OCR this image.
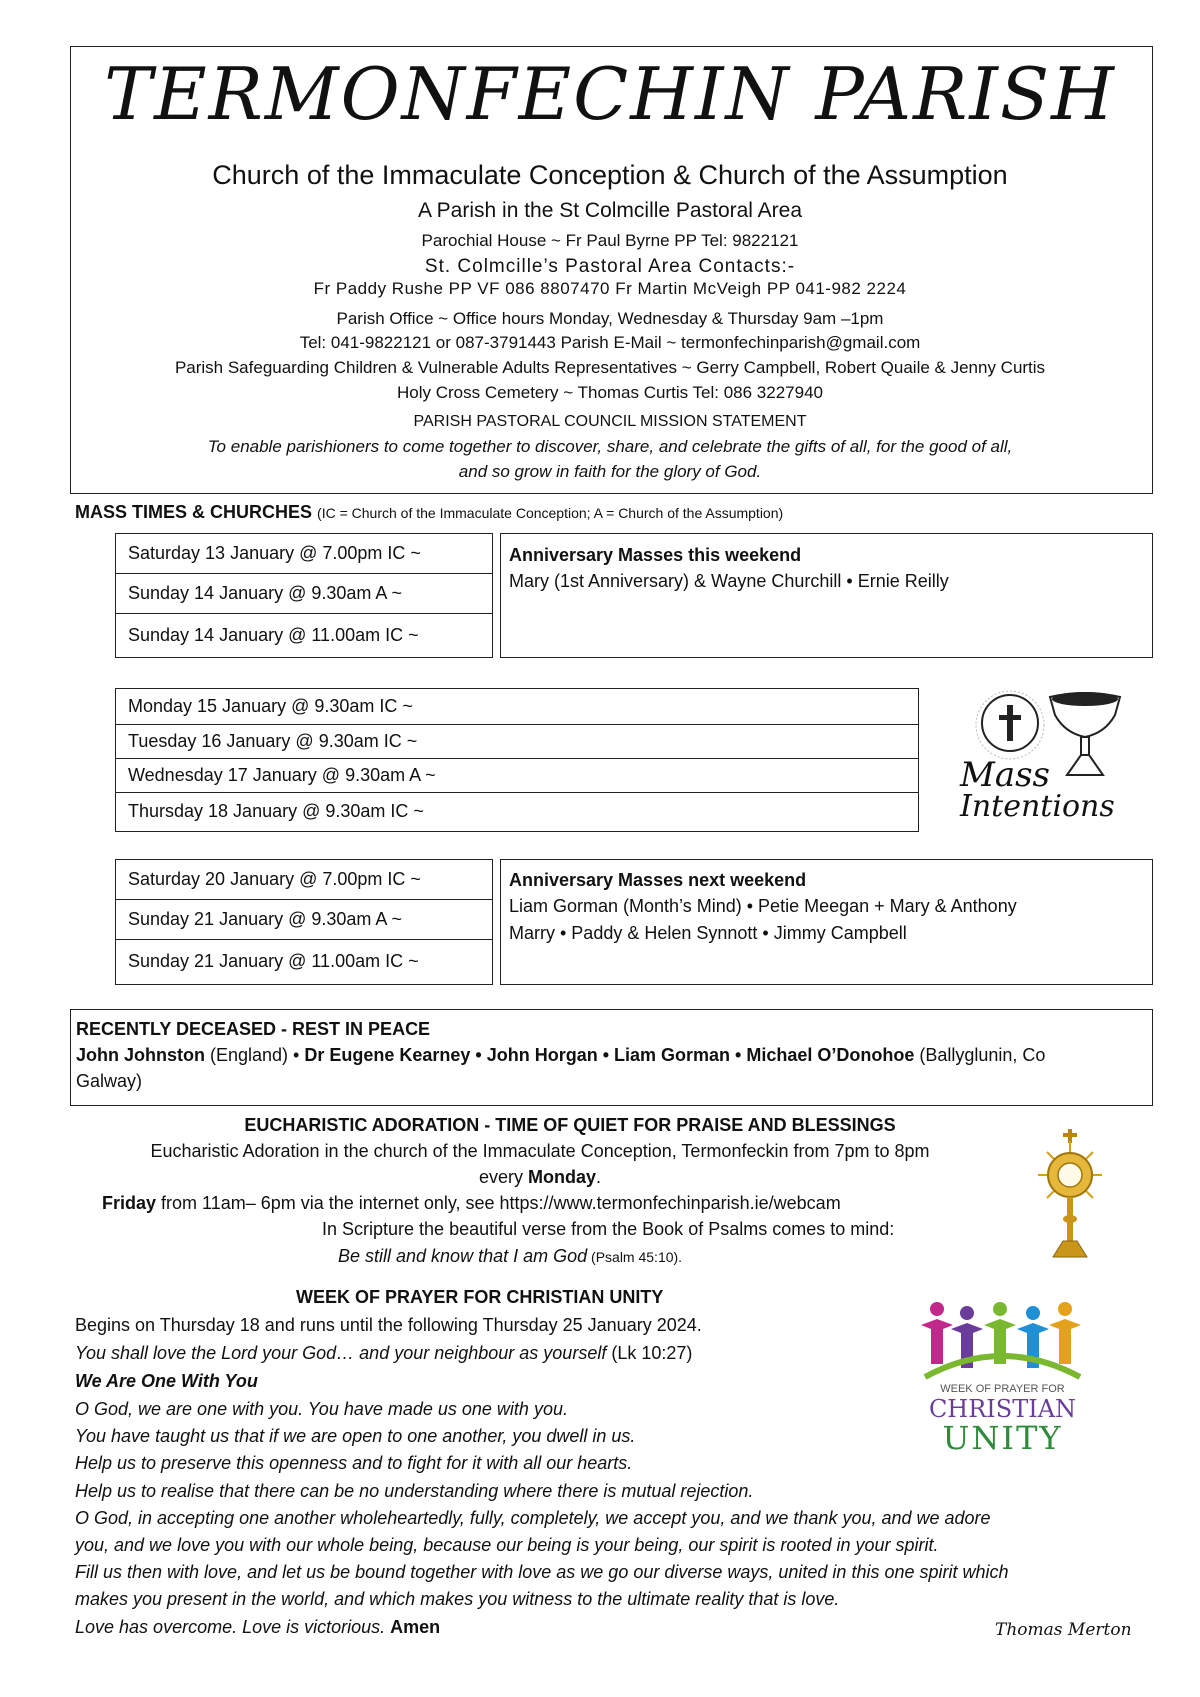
TERMONFECHIN PARISH
Church of the Immaculate Conception & Church of the Assumption
A Parish in the St Colmcille Pastoral Area
Parochial House ~ Fr Paul Byrne PP Tel: 9822121
St. Colmcille’s Pastoral Area Contacts:-
Fr Paddy Rushe PP VF 086 8807470 Fr Martin McVeigh PP 041-982 2224
Parish Office ~ Office hours Monday, Wednesday & Thursday 9am –1pm
Tel: 041-9822121 or 087-3791443 Parish E-Mail ~ termonfechinparish@gmail.com
Parish Safeguarding Children & Vulnerable Adults Representatives ~ Gerry Campbell, Robert Quaile & Jenny Curtis
Holy Cross Cemetery ~ Thomas Curtis Tel: 086 3227940
PARISH PASTORAL COUNCIL MISSION STATEMENT
To enable parishioners to come together to discover, share, and celebrate the gifts of all, for the good of all,
and so grow in faith for the glory of God.
MASS TIMES & CHURCHES (IC = Church of the Immaculate Conception; A = Church of the Assumption)
Saturday 13 January @ 7.00pm IC ~
Sunday 14 January @ 9.30am A ~
Sunday 14 January @ 11.00am IC ~
Anniversary Masses this weekend
Mary (1st Anniversary) & Wayne Churchill • Ernie Reilly
Monday 15 January @ 9.30am IC ~
Tuesday 16 January @ 9.30am IC ~
Wednesday 17 January @ 9.30am A ~
Thursday 18 January @ 9.30am IC ~
Mass
Intentions
Saturday 20 January @ 7.00pm IC ~
Sunday 21 January @ 9.30am A ~
Sunday 21 January @ 11.00am IC ~
Anniversary Masses next weekend
Liam Gorman (Month’s Mind) • Petie Meegan + Mary & Anthony
Marry • Paddy & Helen Synnott • Jimmy Campbell
RECENTLY DECEASED - REST IN PEACE
John Johnston (England) • Dr Eugene Kearney • John Horgan • Liam Gorman • Michael O’Donohoe (Ballyglunin, Co
Galway)
EUCHARISTIC ADORATION - TIME OF QUIET FOR PRAISE AND BLESSINGS
Eucharistic Adoration in the church of the Immaculate Conception, Termonfeckin from 7pm to 8pm
every Monday.
Friday from 11am– 6pm via the internet only, see https://www.termonfechinparish.ie/webcam
In Scripture the beautiful verse from the Book of Psalms comes to mind:
Be still and know that I am God (Psalm 45:10).
WEEK OF PRAYER FOR CHRISTIAN UNITY
Begins on Thursday 18 and runs until the following Thursday 25 January 2024.
You shall love the Lord your God… and your neighbour as yourself (Lk 10:27)
We Are One With You
O God, we are one with you. You have made us one with you.
You have taught us that if we are open to one another, you dwell in us.
Help us to preserve this openness and to fight for it with all our hearts.
Help us to realise that there can be no understanding where there is mutual rejection.
O God, in accepting one another wholeheartedly, fully, completely, we accept you, and we thank you, and we adore
you, and we love you with our whole being, because our being is your being, our spirit is rooted in your spirit.
Fill us then with love, and let us be bound together with love as we go our diverse ways, united in this one spirit which
makes you present in the world, and which makes you witness to the ultimate reality that is love.
Love has overcome. Love is victorious. Amen	Thomas Merton
WEEK OF PRAYER FOR
CHRISTIAN
UNITY
